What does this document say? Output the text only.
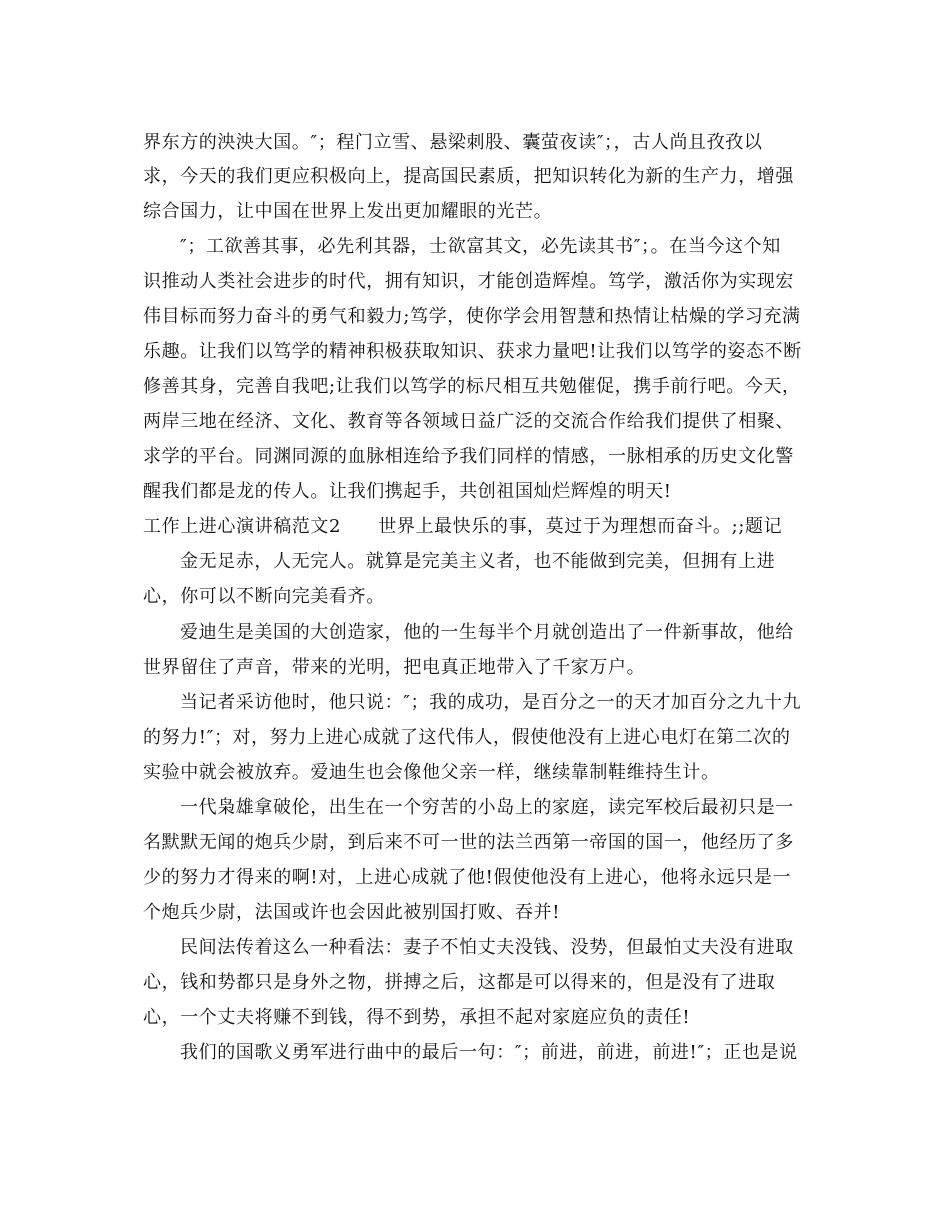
界东方的泱泱大国。″；程门立雪、悬梁刺股、囊萤夜读″；，古人尚且孜孜以
求，今天的我们更应积极向上，提高国民素质，把知识转化为新的生产力，增强
综合国力，让中国在世界上发出更加耀眼的光芒。
″；工欲善其事，必先利其器，士欲富其文，必先读其书″；。在当今这个知
识推动人类社会进步的时代，拥有知识，才能创造辉煌。笃学，激活你为实现宏
伟目标而努力奋斗的勇气和毅力;笃学，使你学会用智慧和热情让枯燥的学习充满
乐趣。让我们以笃学的精神积极获取知识、获求力量吧!让我们以笃学的姿态不断
修善其身，完善自我吧;让我们以笃学的标尺相互共勉催促，携手前行吧。今天，
两岸三地在经济、文化、教育等各领域日益广泛的交流合作给我们提供了相聚、
求学的平台。同渊同源的血脉相连给予我们同样的情感，一脉相承的历史文化警
醒我们都是龙的传人。让我们携起手，共创祖国灿烂辉煌的明天!
工作上进心演讲稿范文2　　世界上最快乐的事，莫过于为理想而奋斗。;;题记
金无足赤，人无完人。就算是完美主义者，也不能做到完美，但拥有上进
心，你可以不断向完美看齐。
爱迪生是美国的大创造家，他的一生每半个月就创造出了一件新事故，他给
世界留住了声音，带来的光明，把电真正地带入了千家万户。
当记者采访他时，他只说：″；我的成功，是百分之一的天才加百分之九十九
的努力!″；对，努力上进心成就了这代伟人，假使他没有上进心电灯在第二次的
实验中就会被放弃。爱迪生也会像他父亲一样，继续靠制鞋维持生计。
一代枭雄拿破伦，出生在一个穷苦的小岛上的家庭，读完军校后最初只是一
名默默无闻的炮兵少尉，到后来不可一世的法兰西第一帝国的国一，他经历了多
少的努力才得来的啊!对，上进心成就了他!假使他没有上进心，他将永远只是一
个炮兵少尉，法国或许也会因此被别国打败、吞并!
民间法传着这么一种看法：妻子不怕丈夫没钱、没势，但最怕丈夫没有进取
心，钱和势都只是身外之物，拼搏之后，这都是可以得来的，但是没有了进取
心，一个丈夫将赚不到钱，得不到势，承担不起对家庭应负的责任!
我们的国歌义勇军进行曲中的最后一句：″；前进，前进，前进!″；正也是说
